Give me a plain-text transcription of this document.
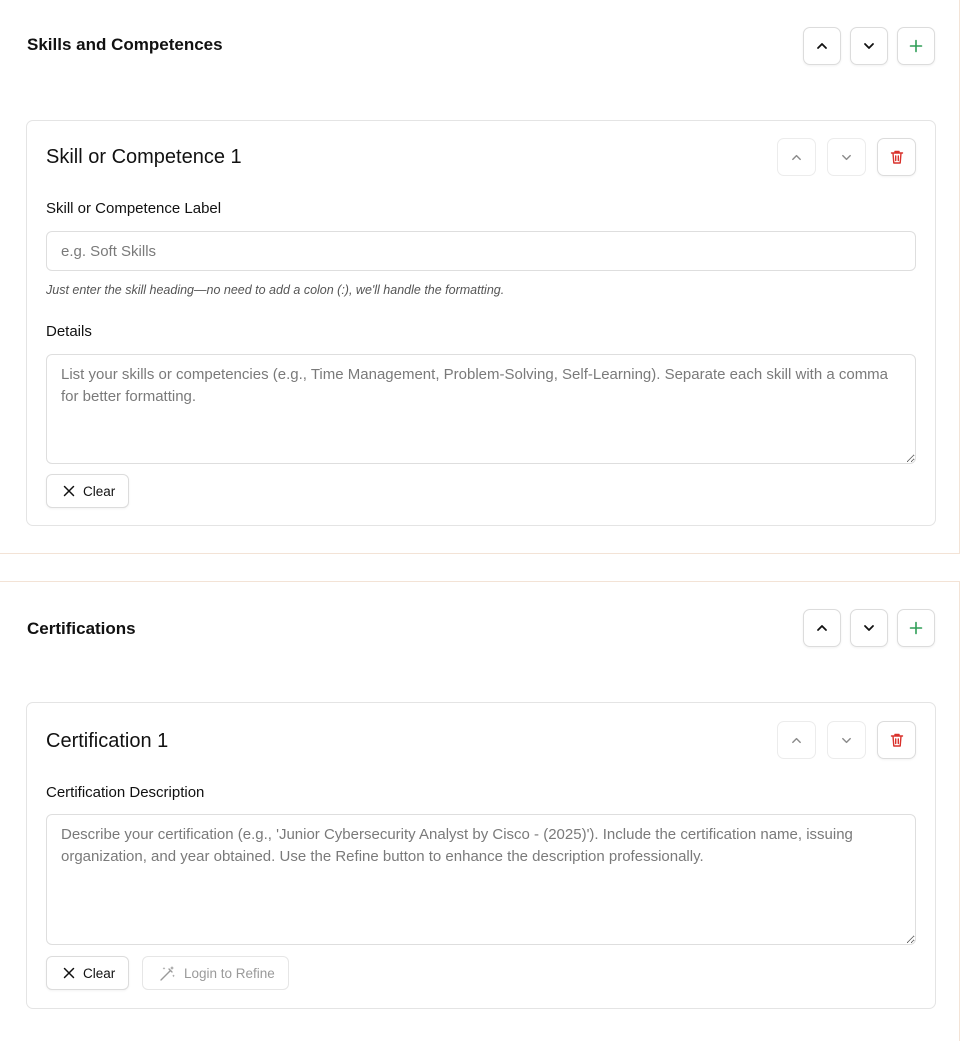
Skills and Competences
Skill or Competence 1
Skill or Competence Label
e.g. Soft Skills
Just enter the skill heading—no need to add a colon (:), we'll handle the formatting.
Details
List your skills or competencies (e.g., Time Management, Problem-Solving, Self-Learning). Separate each skill with a comma for better formatting.
Clear
Certifications
Certification 1
Certification Description
Describe your certification (e.g., 'Junior Cybersecurity Analyst by Cisco - (2025)'). Include the certification name, issuing organization, and year obtained. Use the Refine button to enhance the description professionally.
Clear	Login to Refine
